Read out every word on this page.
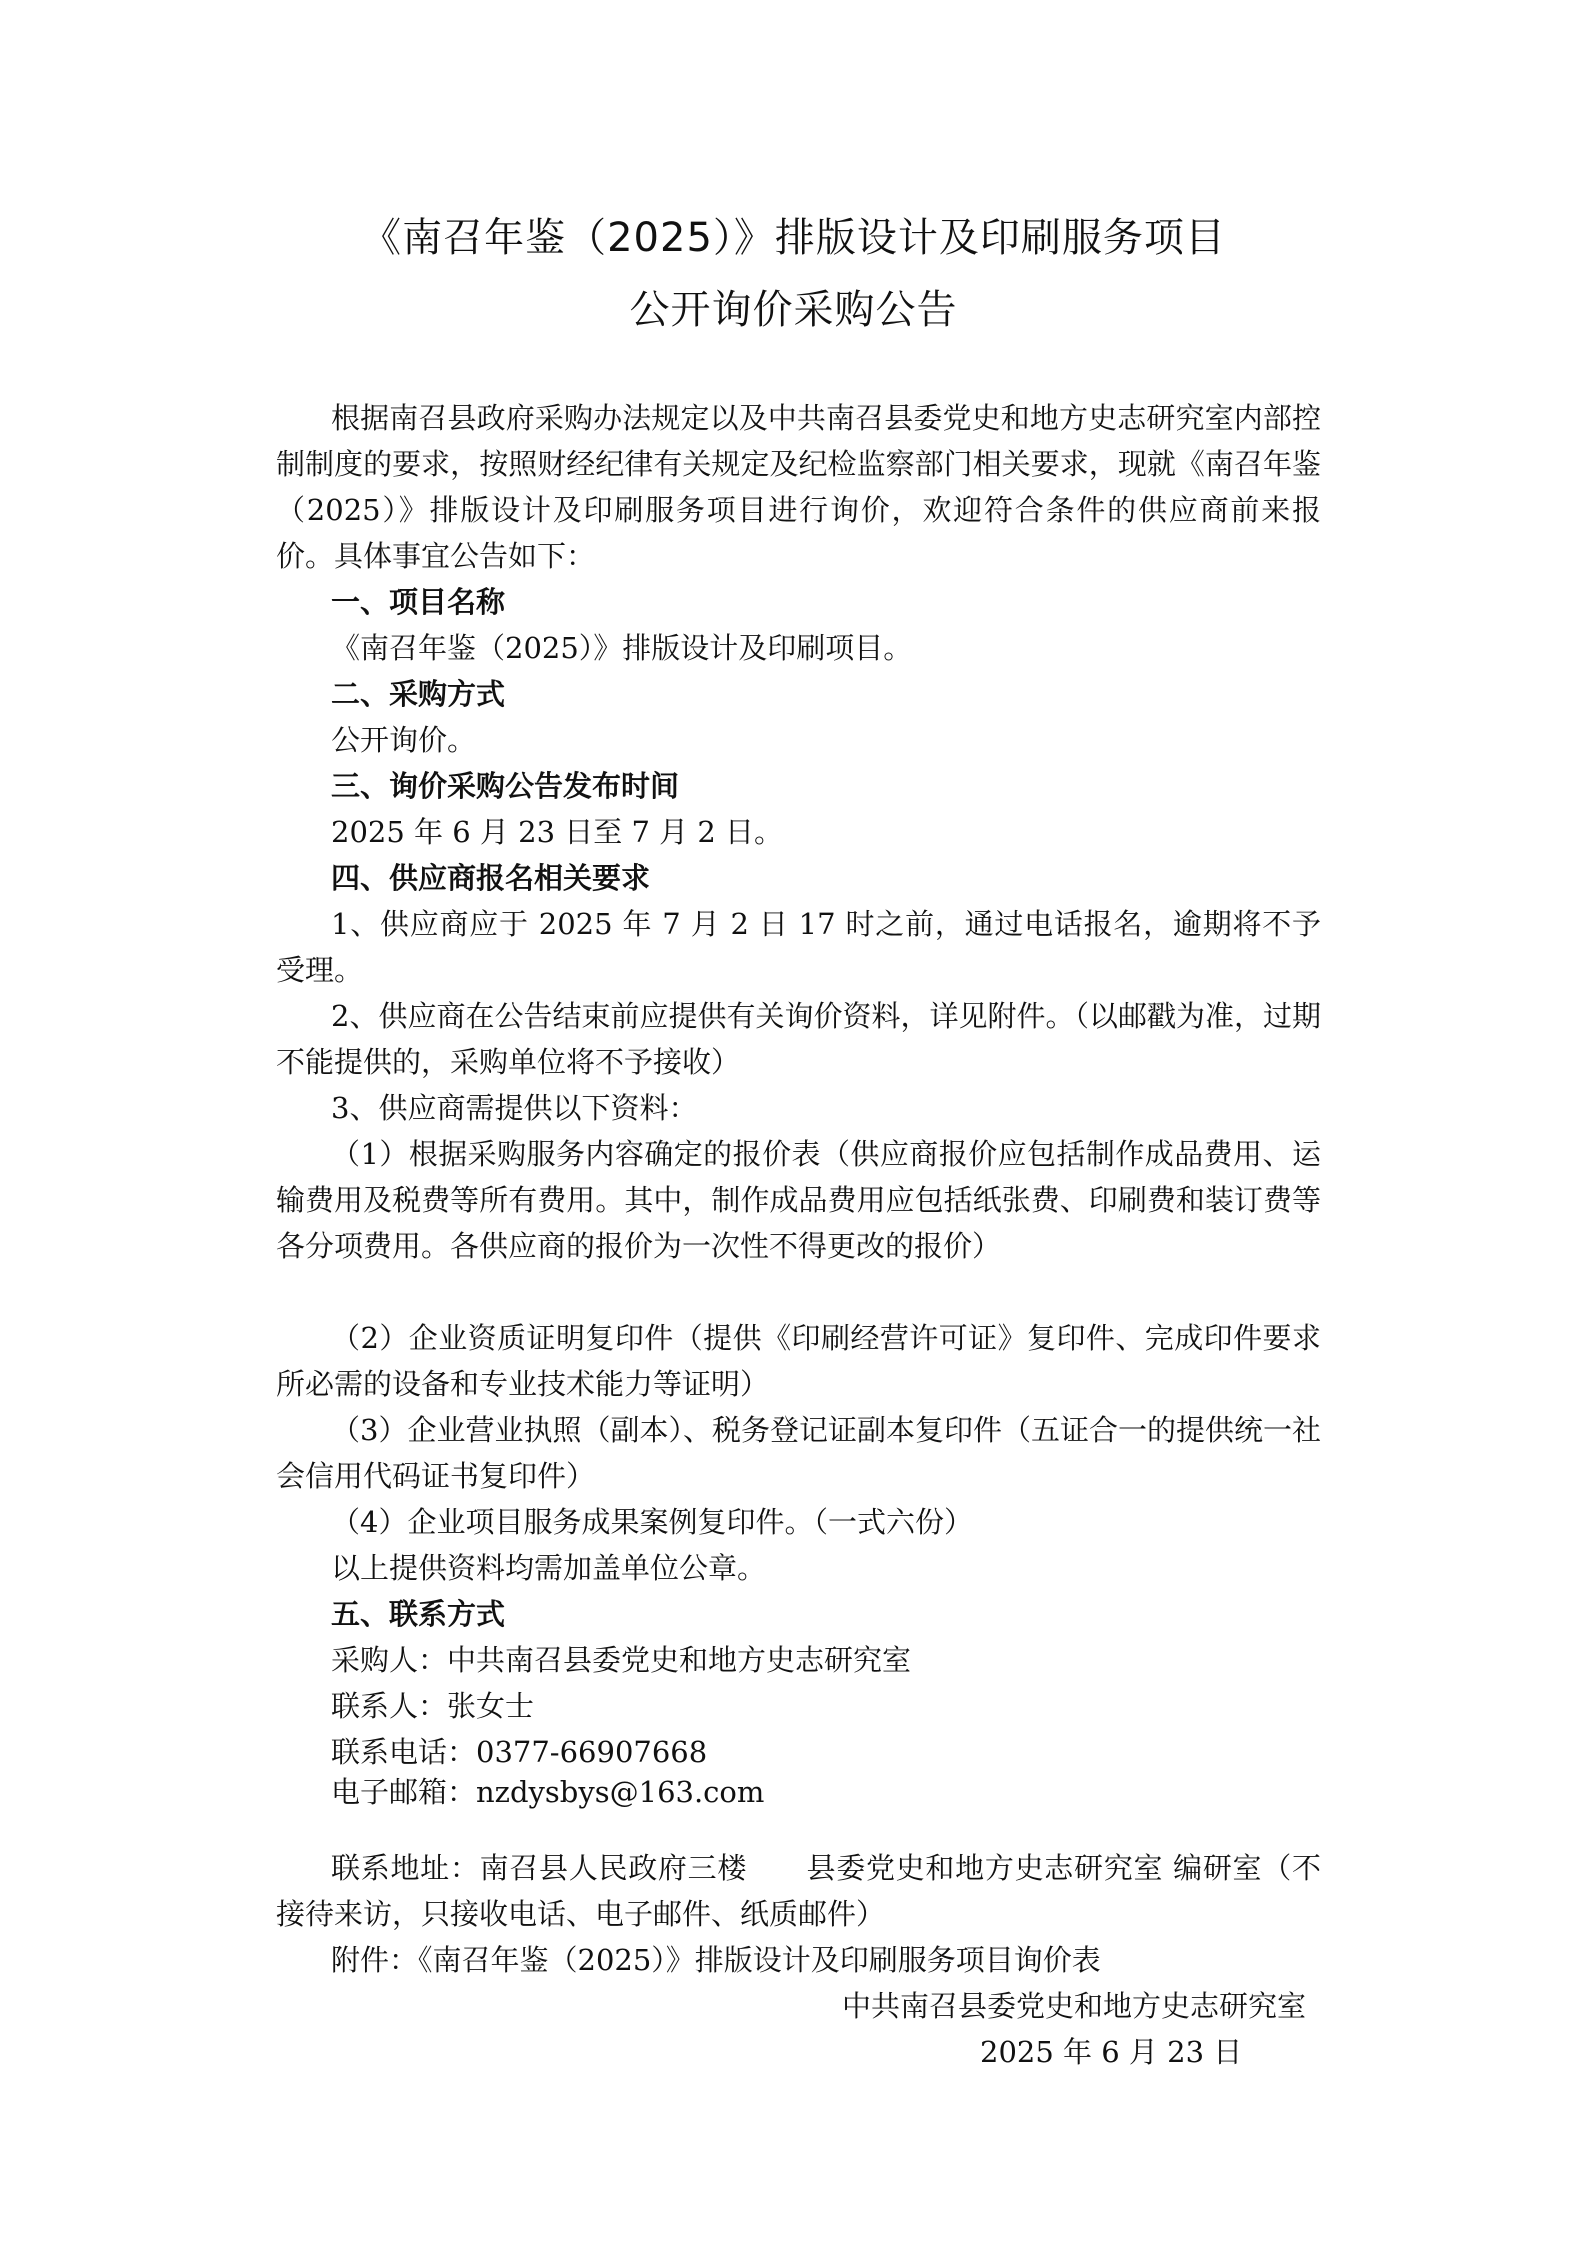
《南召年鉴（2025）》排版设计及印刷服务项目
公开询价采购公告
根据南召县政府采购办法规定以及中共南召县委党史和地方史志研究室内部控制制度的要求，按照财经纪律有关规定及纪检监察部门相关要求，现就《南召年鉴（2025）》排版设计及印刷服务项目进行询价，欢迎符合条件的供应商前来报价。具体事宜公告如下：
一、项目名称
《南召年鉴（2025）》排版设计及印刷项目。
二、采购方式
公开询价。
三、询价采购公告发布时间
2025 年 6 月 23 日至 7 月 2 日。
四、供应商报名相关要求
1、供应商应于 2025 年 7 月 2 日 17 时之前，通过电话报名，逾期将不予受理。
2、供应商在公告结束前应提供有关询价资料，详见附件。（以邮戳为准，过期不能提供的，采购单位将不予接收）
3、供应商需提供以下资料：
（1）根据采购服务内容确定的报价表（供应商报价应包括制作成品费用、运输费用及税费等所有费用。其中，制作成品费用应包括纸张费、印刷费和装订费等各分项费用。各供应商的报价为一次性不得更改的报价）
（2）企业资质证明复印件（提供《印刷经营许可证》复印件、完成印件要求所必需的设备和专业技术能力等证明）
（3）企业营业执照（副本）、税务登记证副本复印件（五证合一的提供统一社会信用代码证书复印件）
（4）企业项目服务成果案例复印件。（一式六份）
以上提供资料均需加盖单位公章。
五、联系方式
采购人：中共南召县委党史和地方史志研究室
联系人：张女士
联系电话：0377-66907668
电子邮箱：nzdysbys@163.com
联系地址：南召县人民政府三楼　　县委党史和地方史志研究室 编研室（不接待来访，只接收电话、电子邮件、纸质邮件）
附件：《南召年鉴（2025）》排版设计及印刷服务项目询价表
中共南召县委党史和地方史志研究室
2025 年 6 月 23 日
